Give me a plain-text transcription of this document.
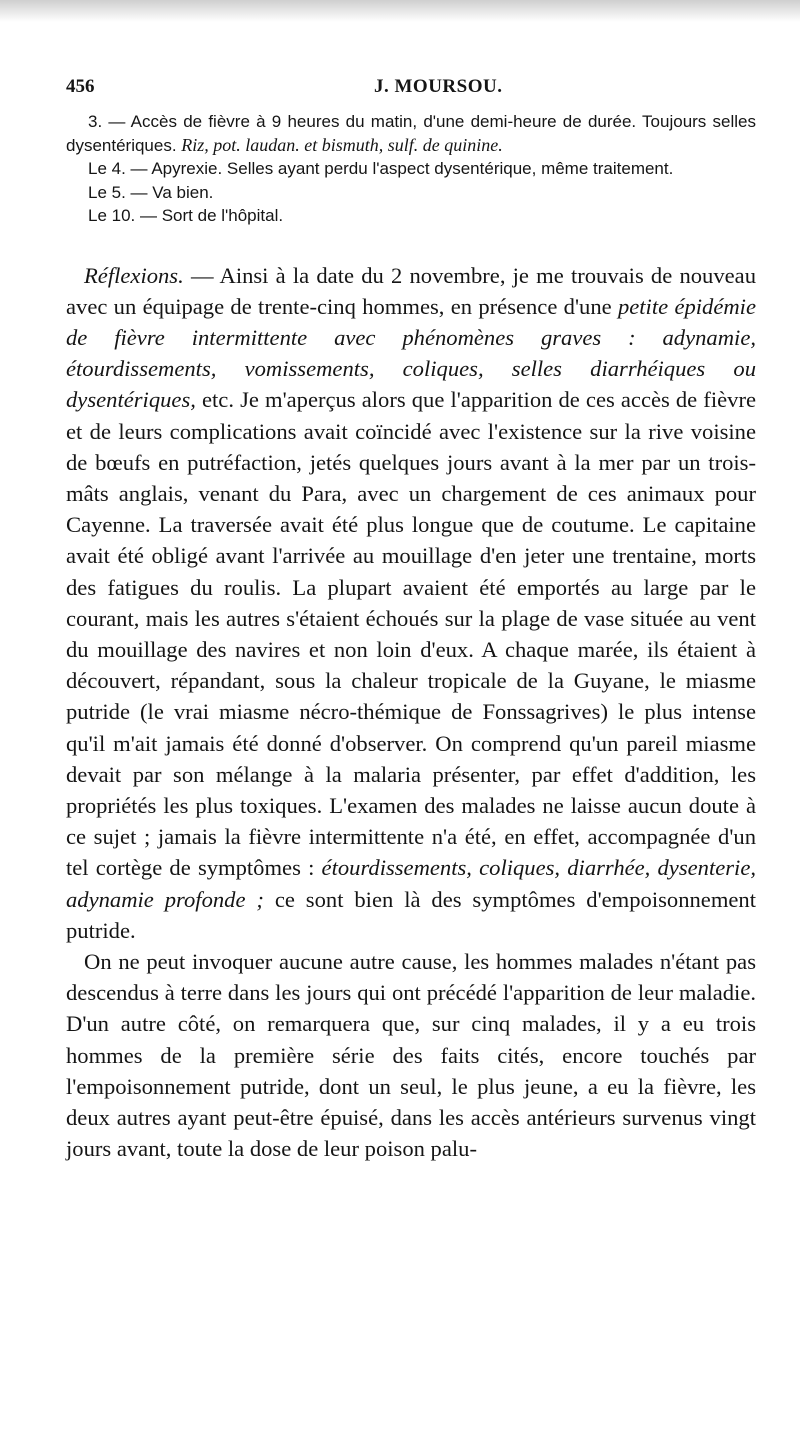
456	J. MOURSOU.

3. — Accès de fièvre à 9 heures du matin, d'une demi-heure de durée. Toujours selles dysentériques. Riz, pot. laudan. et bismuth, sulf. de quinine.

Le 4. — Apyrexie. Selles ayant perdu l'aspect dysentérique, même traitement.

Le 5. — Va bien.

Le 10. — Sort de l'hôpital.

Réflexions. — Ainsi à la date du 2 novembre, je me trouvais de nouveau avec un équipage de trente-cinq hommes, en présence d'une petite épidémie de fièvre intermittente avec phénomènes graves : adynamie, étourdissements, vomissements, coliques, selles diarrhéiques ou dysentériques, etc. Je m'aperçus alors que l'apparition de ces accès de fièvre et de leurs complications avait coïncidé avec l'existence sur la rive voisine de bœufs en putréfaction, jetés quelques jours avant à la mer par un trois-mâts anglais, venant du Para, avec un chargement de ces animaux pour Cayenne. La traversée avait été plus longue que de coutume. Le capitaine avait été obligé avant l'arrivée au mouillage d'en jeter une trentaine, morts des fatigues du roulis. La plupart avaient été emportés au large par le courant, mais les autres s'étaient échoués sur la plage de vase située au vent du mouillage des navires et non loin d'eux. A chaque marée, ils étaient à découvert, répandant, sous la chaleur tropicale de la Guyane, le miasme putride (le vrai miasme nécro-thémique de Fonssagrives) le plus intense qu'il m'ait jamais été donné d'observer. On comprend qu'un pareil miasme devait par son mélange à la malaria présenter, par effet d'addition, les propriétés les plus toxiques. L'examen des malades ne laisse aucun doute à ce sujet ; jamais la fièvre intermittente n'a été, en effet, accompagnée d'un tel cortège de symptômes : étourdissements, coliques, diarrhée, dysenterie, adynamie profonde ; ce sont bien là des symptômes d'empoisonnement putride.

On ne peut invoquer aucune autre cause, les hommes malades n'étant pas descendus à terre dans les jours qui ont précédé l'apparition de leur maladie. D'un autre côté, on remarquera que, sur cinq malades, il y a eu trois hommes de la première série des faits cités, encore touchés par l'empoisonnement putride, dont un seul, le plus jeune, a eu la fièvre, les deux autres ayant peut-être épuisé, dans les accès antérieurs survenus vingt jours avant, toute la dose de leur poison palu-
